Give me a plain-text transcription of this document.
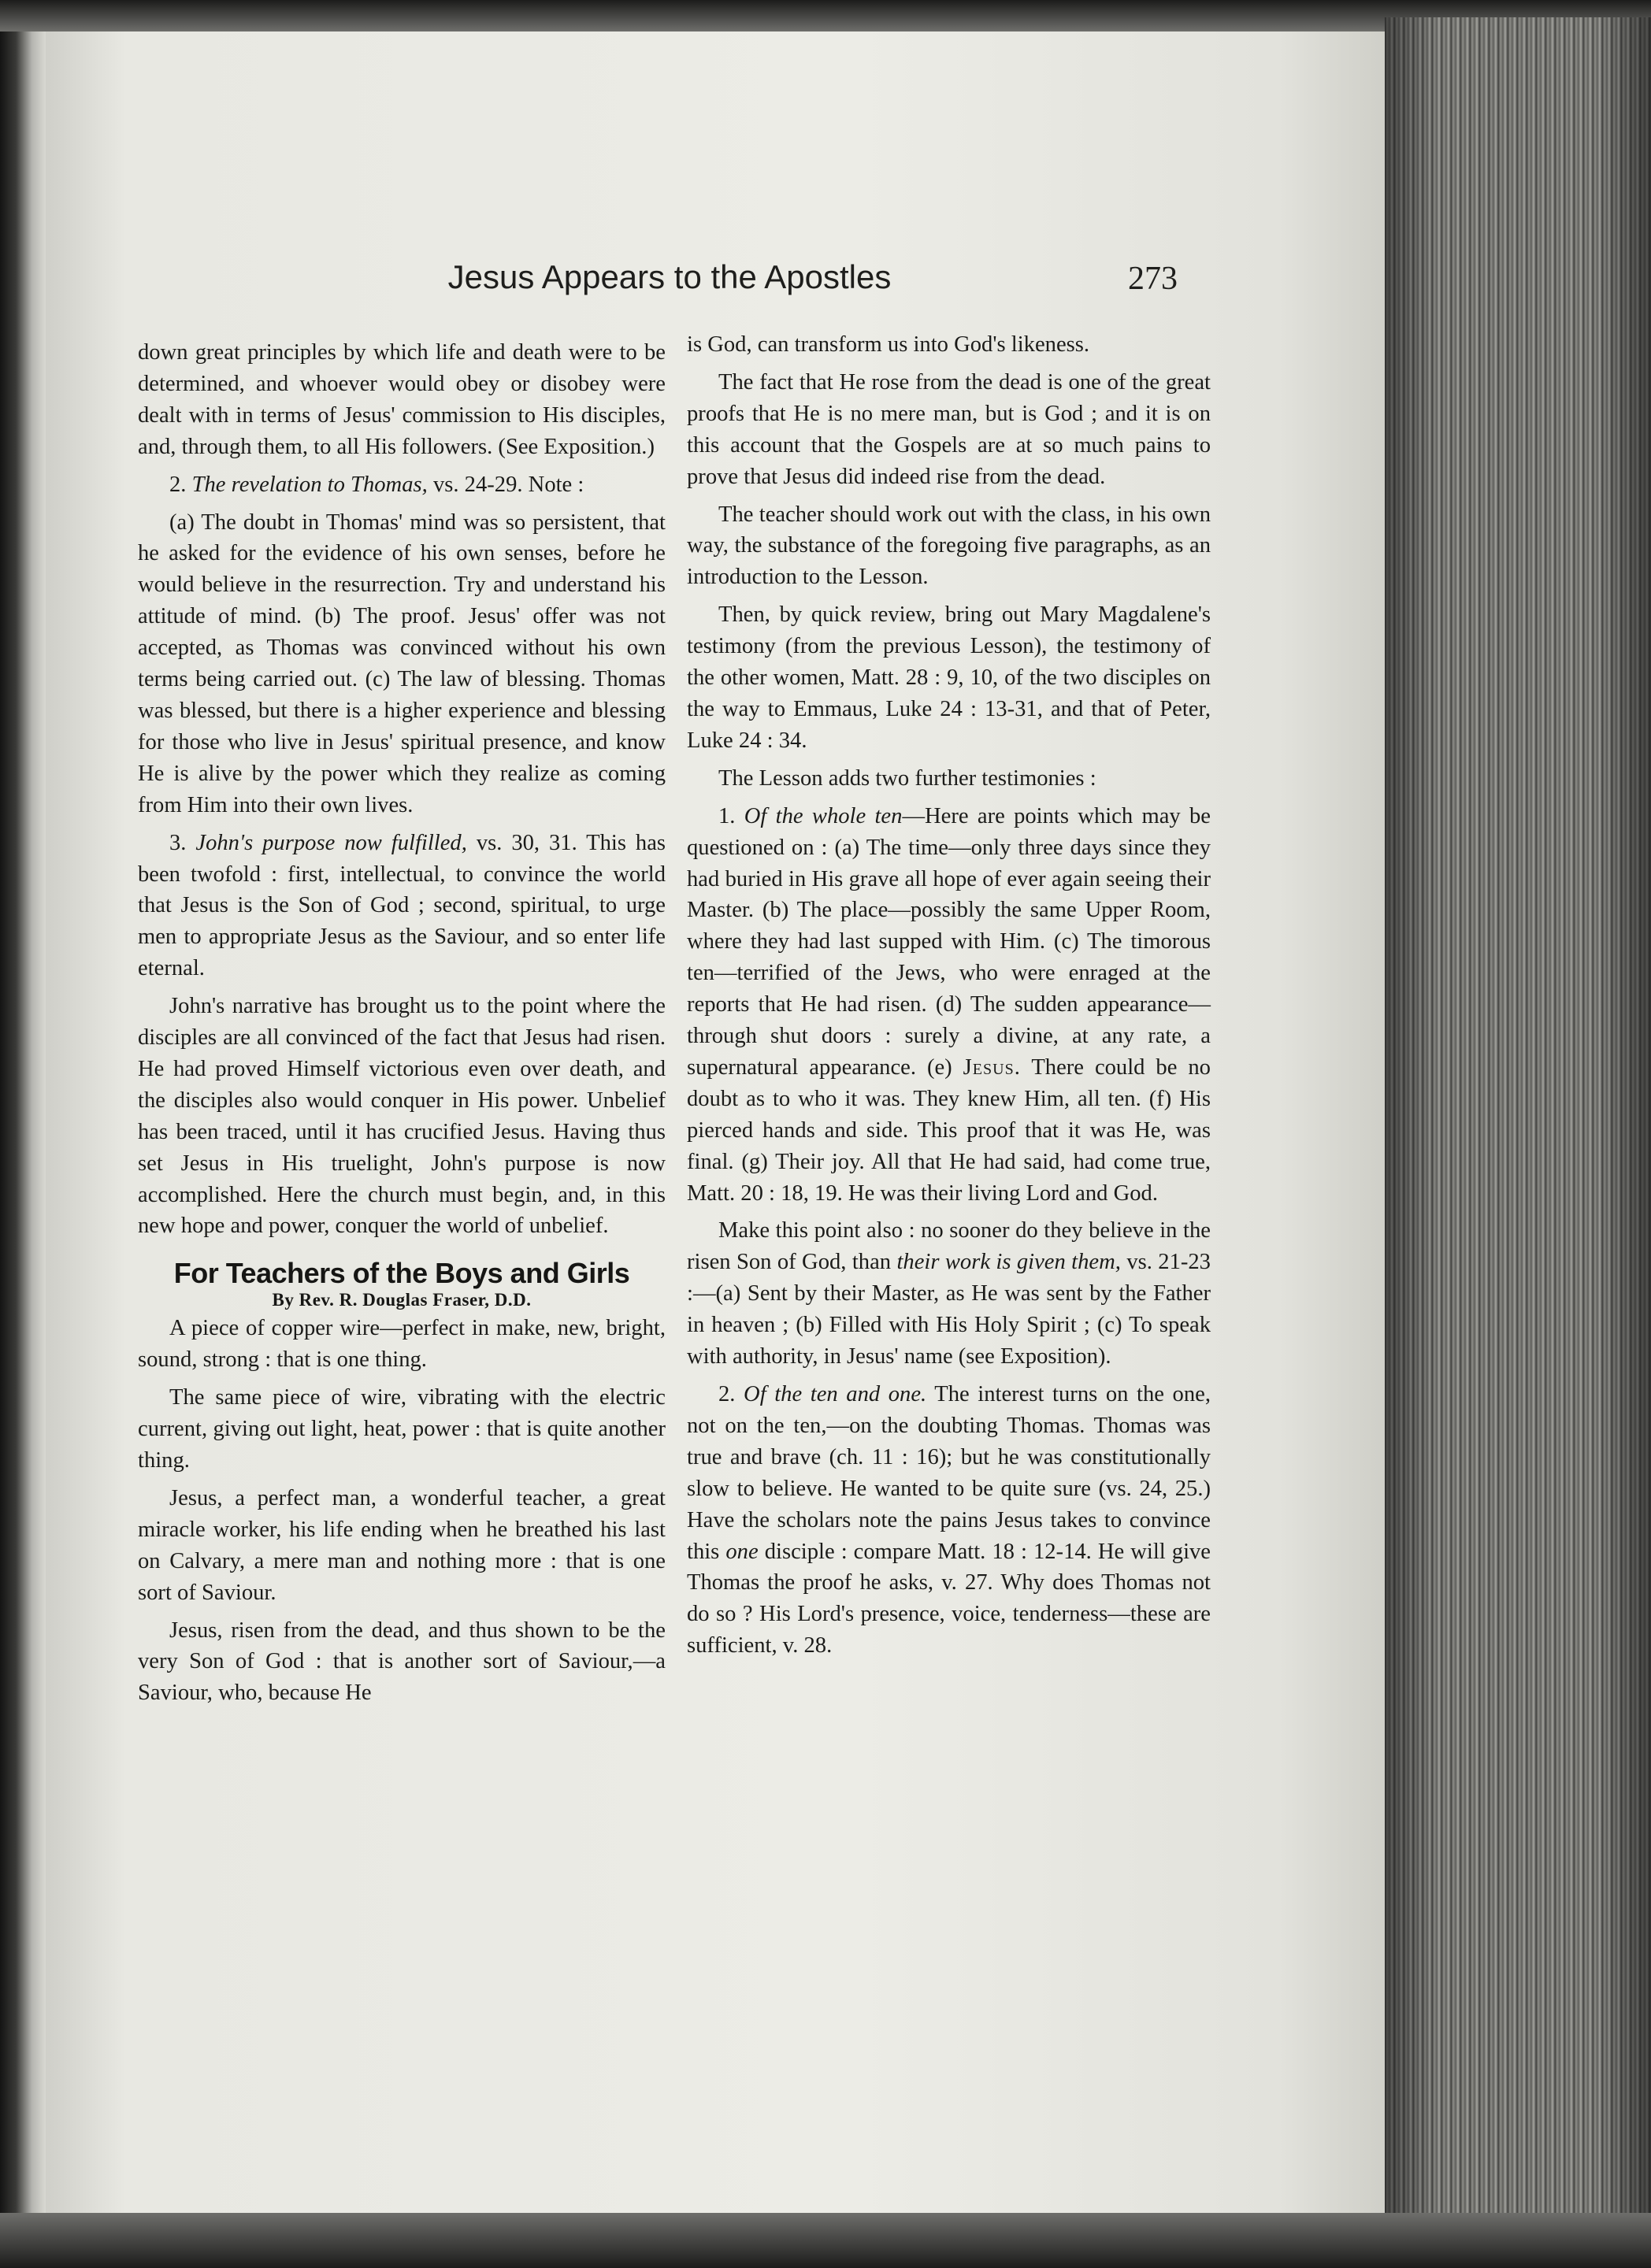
Jesus Appears to the Apostles	273

down great principles by which life and death were to be determined, and whoever would obey or disobey were dealt with in terms of Jesus' commission to His disciples, and, through them, to all His followers. (See Exposition.)

2. The revelation to Thomas, vs. 24-29. Note :

(a) The doubt in Thomas' mind was so persistent, that he asked for the evidence of his own senses, before he would believe in the resurrection. Try and understand his attitude of mind. (b) The proof. Jesus' offer was not accepted, as Thomas was convinced without his own terms being carried out. (c) The law of blessing. Thomas was blessed, but there is a higher experience and blessing for those who live in Jesus' spiritual presence, and know He is alive by the power which they realize as coming from Him into their own lives.

3. John's purpose now fulfilled, vs. 30, 31. This has been twofold : first, intellectual, to convince the world that Jesus is the Son of God ; second, spiritual, to urge men to appropriate Jesus as the Saviour, and so enter life eternal.

John's narrative has brought us to the point where the disciples are all convinced of the fact that Jesus had risen. He had proved Himself victorious even over death, and the disciples also would conquer in His power. Unbelief has been traced, until it has crucified Jesus. Having thus set Jesus in His truelight, John's purpose is now accomplished. Here the church must begin, and, in this new hope and power, conquer the world of unbelief.

For Teachers of the Boys and Girls
By Rev. R. Douglas Fraser, D.D.

A piece of copper wire—perfect in make, new, bright, sound, strong : that is one thing.

The same piece of wire, vibrating with the electric current, giving out light, heat, power : that is quite another thing.

Jesus, a perfect man, a wonderful teacher, a great miracle worker, his life ending when he breathed his last on Calvary, a mere man and nothing more : that is one sort of Saviour.

Jesus, risen from the dead, and thus shown to be the very Son of God : that is another sort of Saviour,—a Saviour, who, because He

is God, can transform us into God's likeness.

The fact that He rose from the dead is one of the great proofs that He is no mere man, but is God ; and it is on this account that the Gospels are at so much pains to prove that Jesus did indeed rise from the dead.

The teacher should work out with the class, in his own way, the substance of the foregoing five paragraphs, as an introduction to the Lesson.

Then, by quick review, bring out Mary Magdalene's testimony (from the previous Lesson), the testimony of the other women, Matt. 28 : 9, 10, of the two disciples on the way to Emmaus, Luke 24 : 13-31, and that of Peter, Luke 24 : 34.

The Lesson adds two further testimonies :

1. Of the whole ten—Here are points which may be questioned on : (a) The time—only three days since they had buried in His grave all hope of ever again seeing their Master. (b) The place—possibly the same Upper Room, where they had last supped with Him. (c) The timorous ten—terrified of the Jews, who were enraged at the reports that He had risen. (d) The sudden appearance—through shut doors : surely a divine, at any rate, a supernatural appearance. (e) Jesus. There could be no doubt as to who it was. They knew Him, all ten. (f) His pierced hands and side. This proof that it was He, was final. (g) Their joy. All that He had said, had come true, Matt. 20 : 18, 19. He was their living Lord and God.

Make this point also : no sooner do they believe in the risen Son of God, than their work is given them, vs. 21-23 :—(a) Sent by their Master, as He was sent by the Father in heaven ; (b) Filled with His Holy Spirit ; (c) To speak with authority, in Jesus' name (see Exposition).

2. Of the ten and one. The interest turns on the one, not on the ten,—on the doubting Thomas. Thomas was true and brave (ch. 11 : 16); but he was constitutionally slow to believe. He wanted to be quite sure (vs. 24, 25.) Have the scholars note the pains Jesus takes to convince this one disciple : compare Matt. 18 : 12-14. He will give Thomas the proof he asks, v. 27. Why does Thomas not do so ? His Lord's presence, voice, tenderness—these are sufficient, v. 28.
